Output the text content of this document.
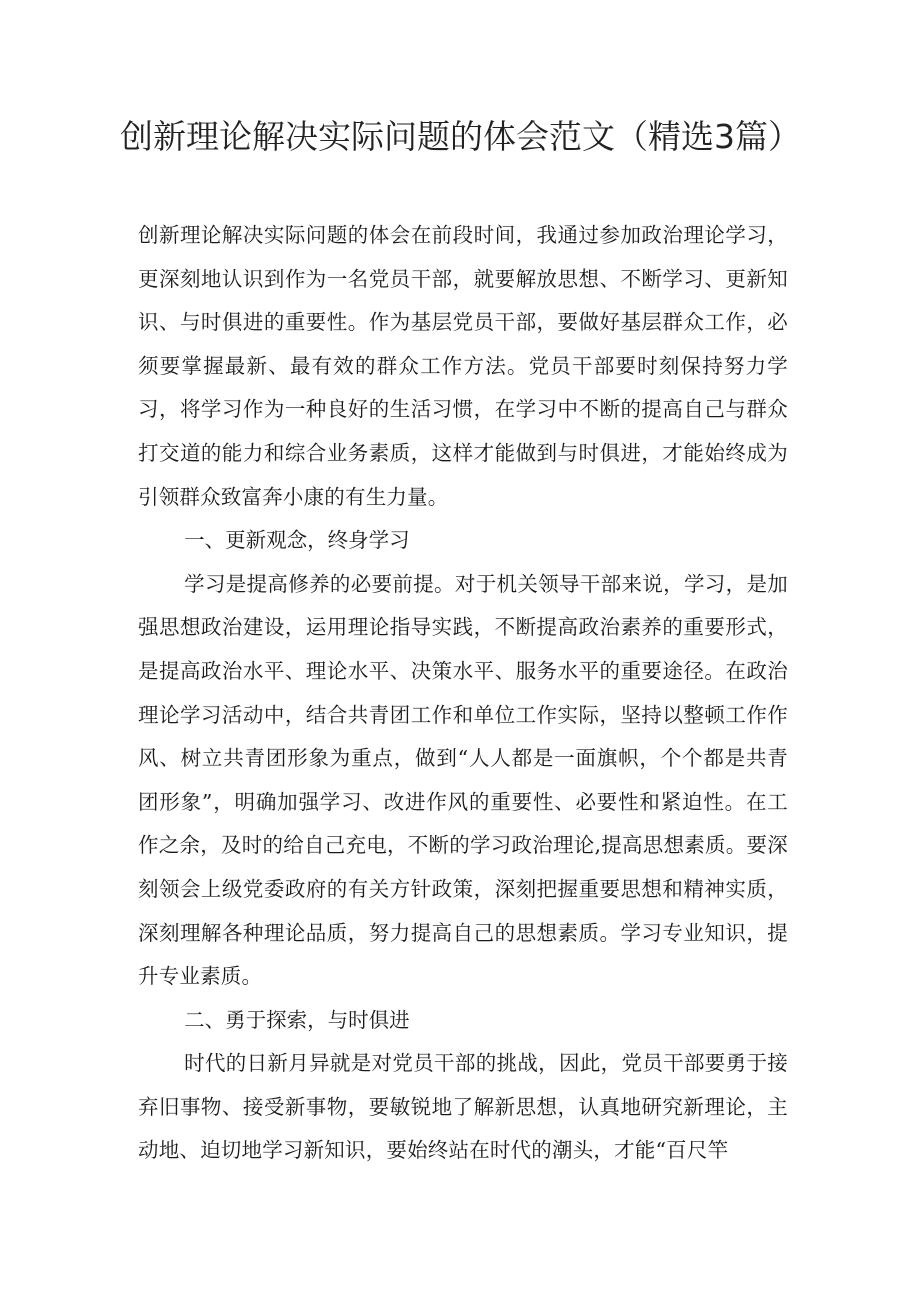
创新理论解决实际问题的体会范文（精选3篇）

创新理论解决实际问题的体会在前段时间，我通过参加政治理论学习，更深刻地认识到作为一名党员干部，就要解放思想、不断学习、更新知识、与时俱进的重要性。作为基层党员干部，要做好基层群众工作，必须要掌握最新、最有效的群众工作方法。党员干部要时刻保持努力学习，将学习作为一种良好的生活习惯，在学习中不断的提高自己与群众打交道的能力和综合业务素质，这样才能做到与时俱进，才能始终成为引领群众致富奔小康的有生力量。

一、更新观念，终身学习

学习是提高修养的必要前提。对于机关领导干部来说，学习，是加强思想政治建设，运用理论指导实践，不断提高政治素养的重要形式，是提高政治水平、理论水平、决策水平、服务水平的重要途径。在政治理论学习活动中，结合共青团工作和单位工作实际，坚持以整顿工作作风、树立共青团形象为重点，做到“人人都是一面旗帜，个个都是共青团形象”，明确加强学习、改进作风的重要性、必要性和紧迫性。在工作之余，及时的给自己充电，不断的学习政治理论,提高思想素质。要深刻领会上级党委政府的有关方针政策，深刻把握重要思想和精神实质，深刻理解各种理论品质，努力提高自己的思想素质。学习专业知识，提升专业素质。

二、勇于探索，与时俱进

时代的日新月异就是对党员干部的挑战，因此，党员干部要勇于接弃旧事物、接受新事物，要敏锐地了解新思想，认真地研究新理论，主动地、迫切地学习新知识，要始终站在时代的潮头，才能“百尺竿
